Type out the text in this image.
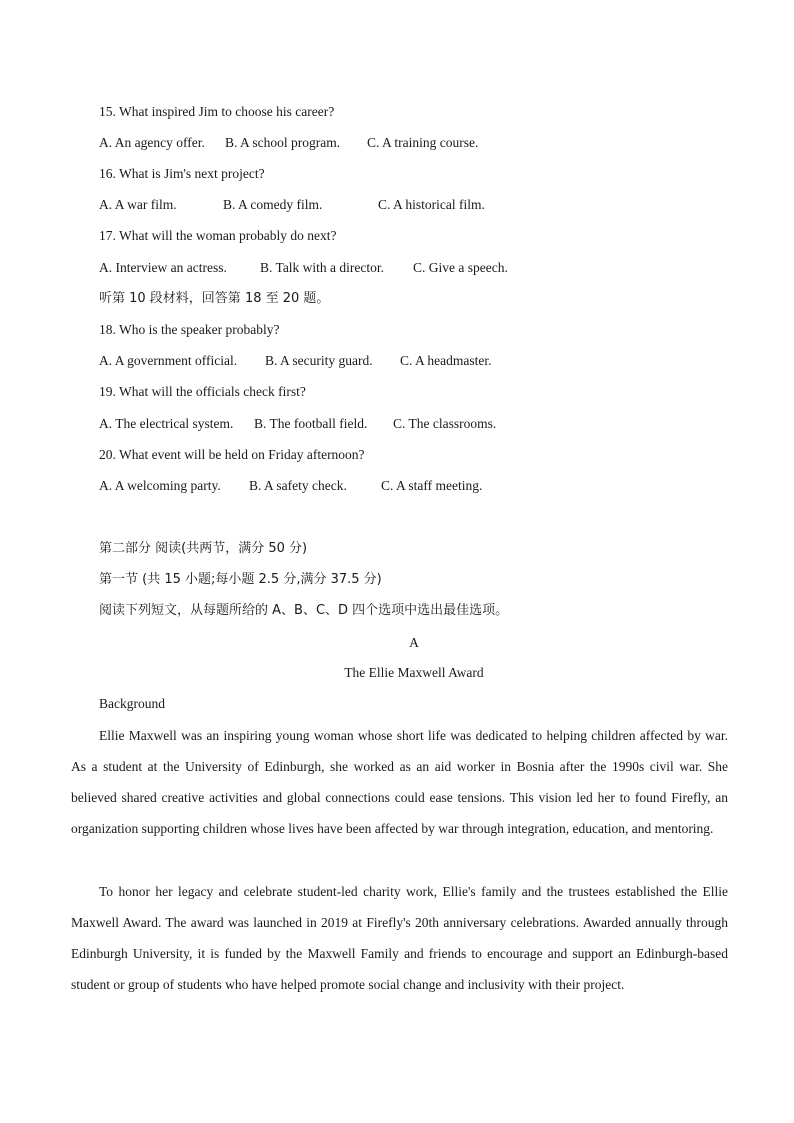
15. What inspired Jim to choose his career?
A. An agency offer. B. A school program. C. A training course.
16. What is Jim's next project?
A. A war film.	B. A comedy film.	C. A historical film.
17. What will the woman probably do next?
A. Interview an actress. B. Talk with a director. C. Give a speech.
听第 10 段材料，回答第 18 至 20 题。
18. Who is the speaker probably?
A. A government official. B. A security guard. C. A headmaster.
19. What will the officials check first?
A. The electrical system. B. The football field. C. The classrooms.
20. What event will be held on Friday afternoon?
A. A welcoming party. B. A safety check.	C. A staff meeting.
第二部分 阅读(共两节，满分 50 分)
第一节 (共 15 小题;每小题 2.5 分,满分 37.5 分)
阅读下列短文，从每题所给的 A、B、C、D 四个选项中选出最佳选项。
A
The Ellie Maxwell Award
Background
Ellie Maxwell was an inspiring young woman whose short life was dedicated to helping children affected by war. As a student at the University of Edinburgh, she worked as an aid worker in Bosnia after the 1990s civil war. She believed shared creative activities and global connections could ease tensions. This vision led her to found Firefly, an organization supporting children whose lives have been affected by war through integration, education, and mentoring.
To honor her legacy and celebrate student-led charity work, Ellie's family and the trustees established the Ellie Maxwell Award. The award was launched in 2019 at Firefly's 20th anniversary celebrations. Awarded annually through Edinburgh University, it is funded by the Maxwell Family and friends to encourage and support an Edinburgh-based student or group of students who have helped promote social change and inclusivity with their project.
